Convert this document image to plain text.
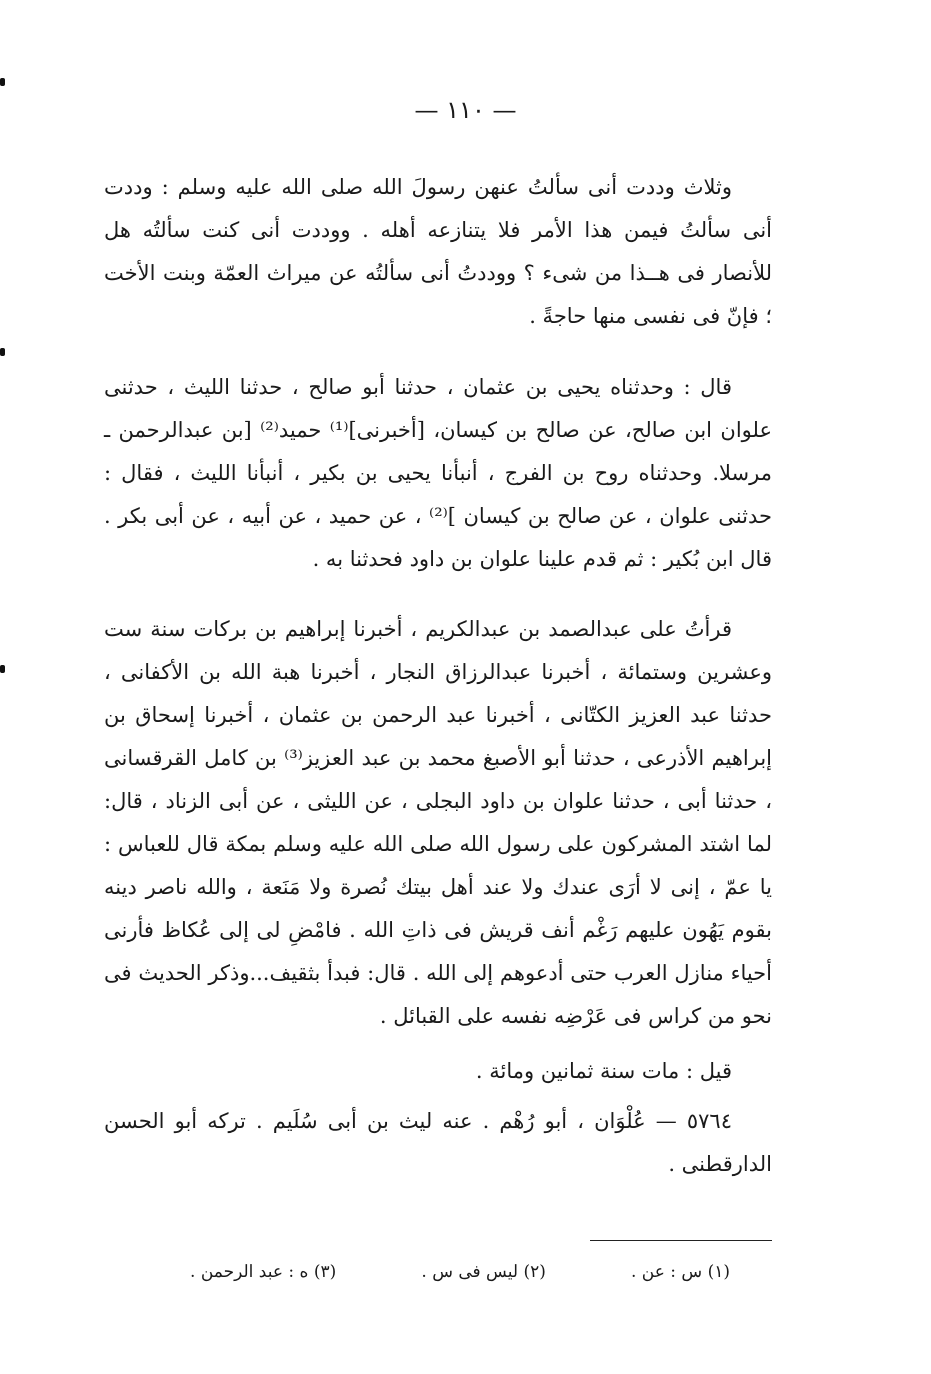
— ١١٠ —

وثلاث وددت أنى سألتُ عنهن رسولَ الله صلى الله عليه وسلم : وددت أنى سألتُ فيمن هذا الأمر فلا يتنازعه أهله . ووددت أنى كنت سألتُه هل للأنصار فى هــذا من شىء ؟ ووددتُ أنى سألتُه عن ميراث العمّة وبنت الأخت ؛ فإنّ فى نفسى منها حاجةً .

قال : وحدثناه يحيى بن عثمان ، حدثنا أبو صالح ، حدثنا الليث ، حدثنى علوان ابن صالح، عن صالح بن كيسان، [أخبرنى]⁽¹⁾ حميد⁽²⁾ [بن عبدالرحمن ـ مرسلا. وحدثناه روح بن الفرج ، أنبأنا يحيى بن بكير ، أنبأنا الليث ، فقال : حدثنى علوان ، عن صالح بن كيسان ]⁽²⁾ ، عن حميد ، عن أبيه ، عن أبى بكر . قال ابن بُكير : ثم قدم علينا علوان بن داود فحدثنا به .

قرأتُ على عبدالصمد بن عبدالكريم ، أخبرنا إبراهيم بن بركات سنة ست وعشرين وستمائة ، أخبرنا عبدالرزاق النجار ، أخبرنا هبة الله بن الأكفانى ، حدثنا عبد العزيز الكتّانى ، أخبرنا عبد الرحمن بن عثمان ، أخبرنا إسحاق بن إبراهيم الأذرعى ، حدثنا أبو الأصبغ محمد بن عبد العزيز⁽³⁾ بن كامل القرقسانى ، حدثنا أبى ، حدثنا علوان بن داود البجلى ، عن الليثى ، عن أبى الزناد ، قال: لما اشتد المشركون على رسول الله صلى الله عليه وسلم بمكة قال للعباس : يا عمّ ، إنى لا أرَى عندك ولا عند أهل بيتك نُصرة ولا مَنَعة ، والله ناصر دينه بقوم يَهُون عليهم رَغْم أنف قريش فى ذاتِ الله . فامْضِ لى إلى عُكاظ فأرنى أحياء منازل العرب حتى أدعوهم إلى الله . قال: فبدأ بثقيف...وذكر الحديث فى نحو من كراس فى عَرْضِه نفسه على القبائل .

قيل : مات سنة ثمانين ومائة .

٥٧٦٤ — عُلْوَان ، أبو رُهْم . عنه ليث بن أبى سُلَيم . تركه أبو الحسن الدارقطنى .

(١) س : عن .
(٢) ليس فى س .
(٣) ه : عبد الرحمن .
